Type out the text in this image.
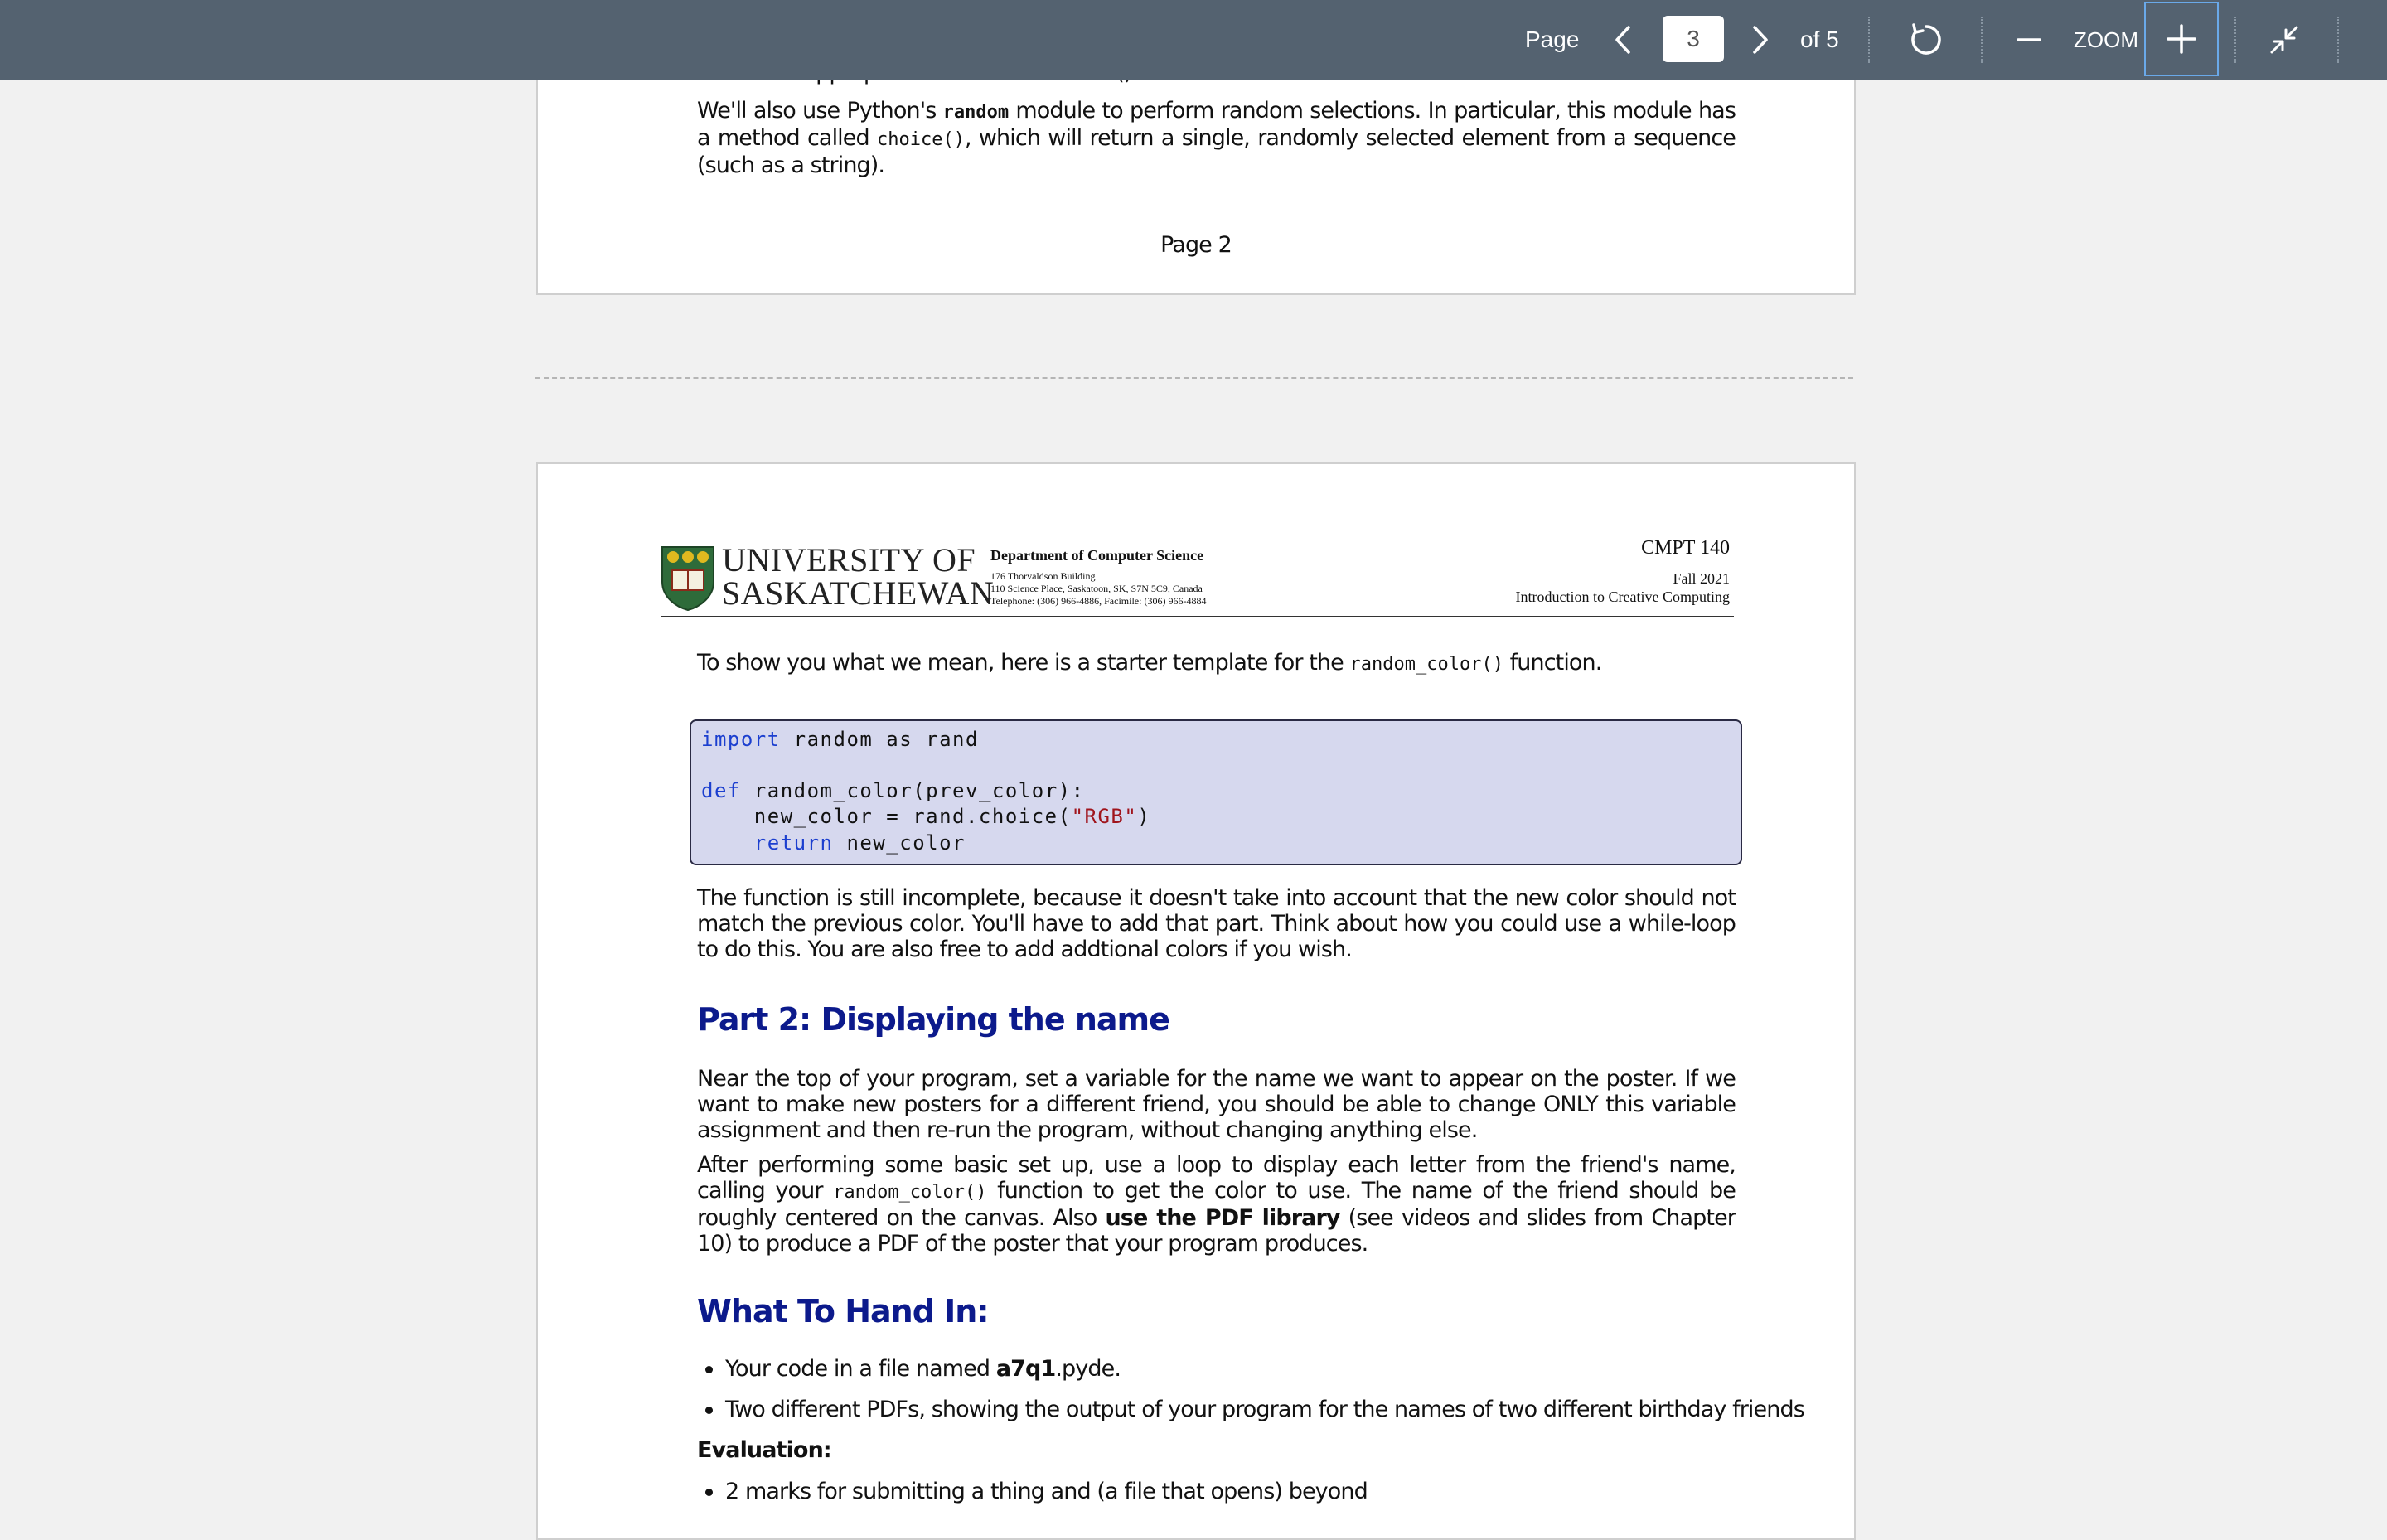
Page
3	of 5	ZOOM
We'll also use Python's random module to perform random selections. In particular, this module has a method called choice(), which will return a single, randomly selected element from a sequence (such as a string).
Page 2
UNIVERSITY OF
SASKATCHEWAN
Department of Computer Science
176 Thorvaldson Building
110 Science Place, Saskatoon, SK, S7N 5C9, Canada
Telephone: (306) 966-4886, Facimile: (306) 966-4884
CMPT 140
Fall 2021
Introduction to Creative Computing
To show you what we mean, here is a starter template for the random_color() function.
import random as rand
def random_color(prev_color):
new_color = rand.choice("RGB")
return new_color
The function is still incomplete, because it doesn't take into account that the new color should not match the previous color. You'll have to add that part. Think about how you could use a while-loop to do this. You are also free to add addtional colors if you wish.
Part 2: Displaying the name
Near the top of your program, set a variable for the name we want to appear on the poster. If we want to make new posters for a different friend, you should be able to change ONLY this variable assignment and then re-run the program, without changing anything else.
After performing some basic set up, use a loop to display each letter from the friend's name, calling your random_color() function to get the color to use. The name of the friend should be roughly centered on the canvas. Also use the PDF library (see videos and slides from Chapter 10) to produce a PDF of the poster that your program produces.
What To Hand In:
Your code in a file named a7q1.pyde.
Two different PDFs, showing the output of your program for the names of two different birthday friends
Evaluation:
2 marks for submitting a thing and (a file that opens) beyond
